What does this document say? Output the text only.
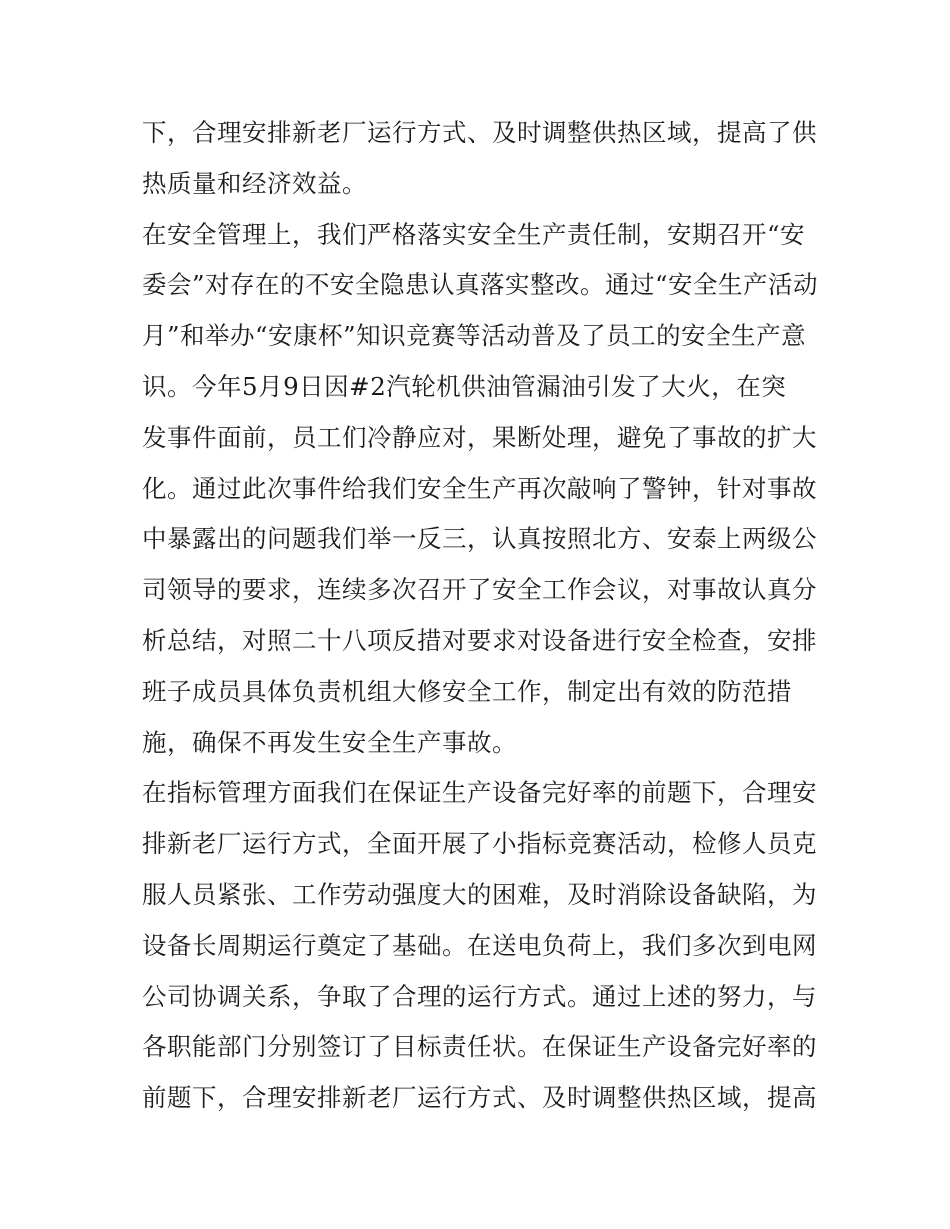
下，合理安排新老厂运行方式、及时调整供热区域，提高了供
热质量和经济效益。
在安全管理上，我们严格落实安全生产责任制，安期召开“安
委会”对存在的不安全隐患认真落实整改。通过“安全生产活动
月”和举办“安康杯”知识竞赛等活动普及了员工的安全生产意
识。今年5月9日因#2汽轮机供油管漏油引发了大火，在突
发事件面前，员工们冷静应对，果断处理，避免了事故的扩大
化。通过此次事件给我们安全生产再次敲响了警钟，针对事故
中暴露出的问题我们举一反三，认真按照北方、安泰上两级公
司领导的要求，连续多次召开了安全工作会议，对事故认真分
析总结，对照二十八项反措对要求对设备进行安全检查，安排
班子成员具体负责机组大修安全工作，制定出有效的防范措
施，确保不再发生安全生产事故。
在指标管理方面我们在保证生产设备完好率的前题下，合理安
排新老厂运行方式，全面开展了小指标竞赛活动，检修人员克
服人员紧张、工作劳动强度大的困难，及时消除设备缺陷，为
设备长周期运行奠定了基础。在送电负荷上，我们多次到电网
公司协调关系，争取了合理的运行方式。通过上述的努力，与
各职能部门分别签订了目标责任状。在保证生产设备完好率的
前题下，合理安排新老厂运行方式、及时调整供热区域，提高
